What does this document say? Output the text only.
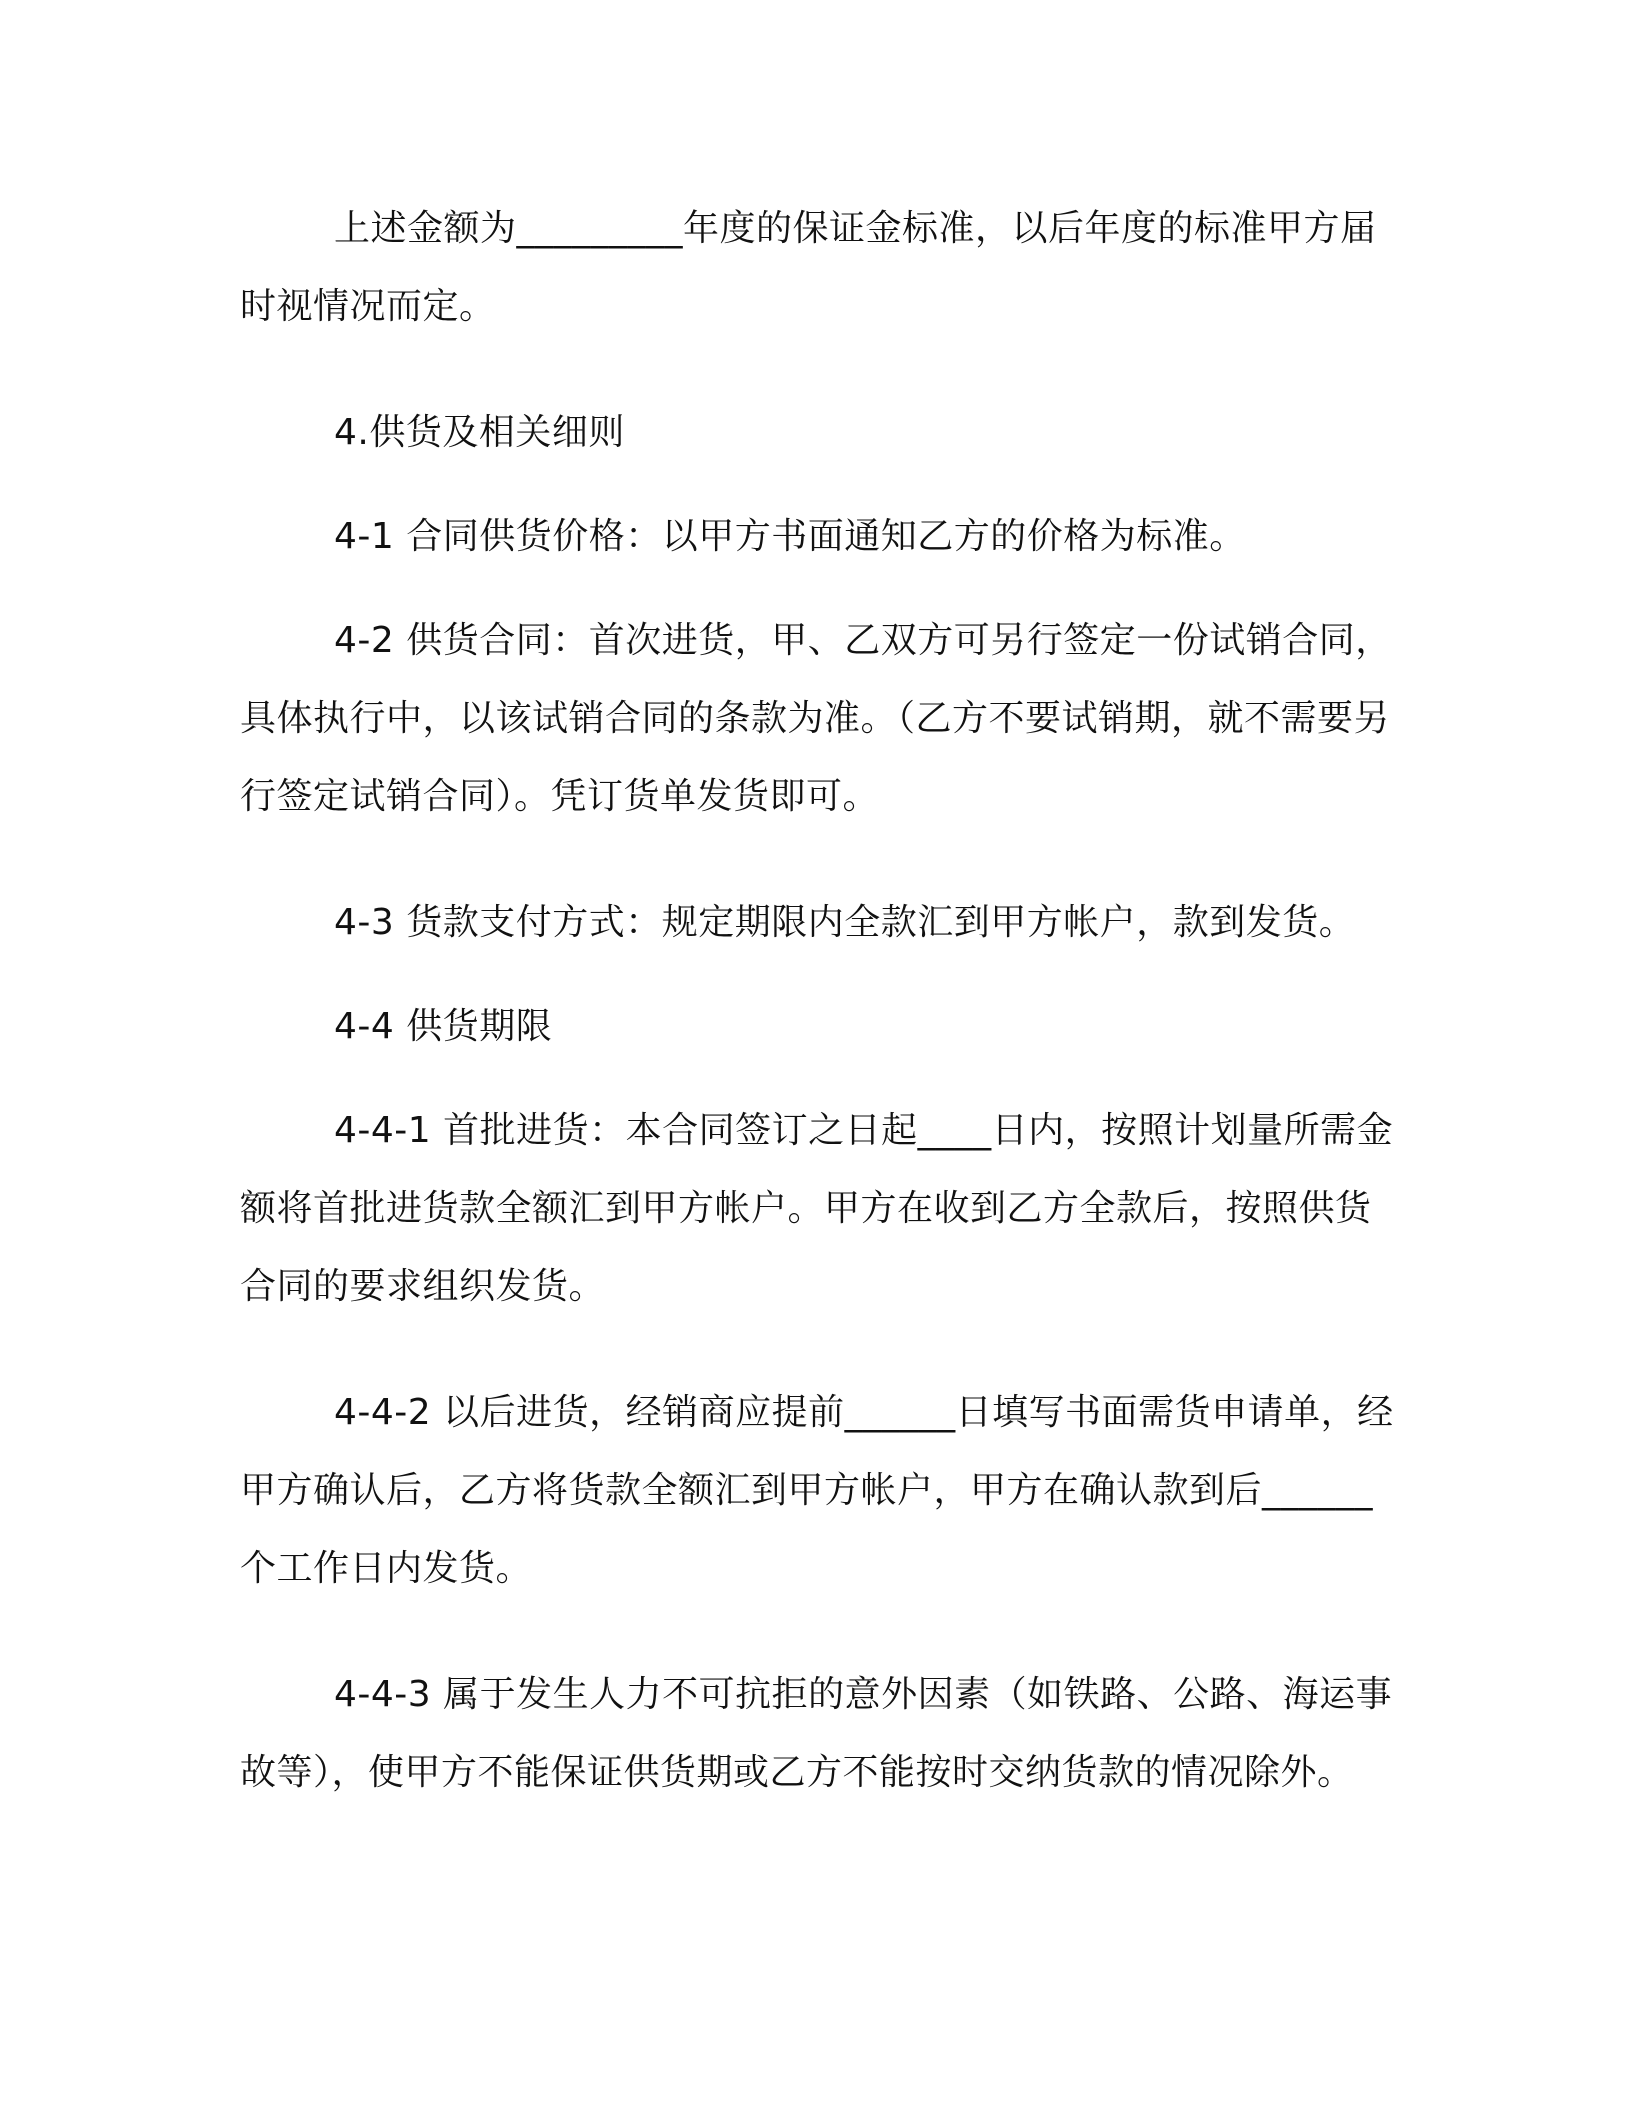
上述金额为_________年度的保证金标准，以后年度的标准甲方届时视情况而定。

4.供货及相关细则

4-1 合同供货价格：以甲方书面通知乙方的价格为标准。

4-2 供货合同：首次进货，甲、乙双方可另行签定一份试销合同，具体执行中，以该试销合同的条款为准。（乙方不要试销期，就不需要另行签定试销合同）。凭订货单发货即可。

4-3 货款支付方式：规定期限内全款汇到甲方帐户，款到发货。

4-4 供货期限

4-4-1 首批进货：本合同签订之日起____日内，按照计划量所需金额将首批进货款全额汇到甲方帐户。甲方在收到乙方全款后，按照供货合同的要求组织发货。

4-4-2 以后进货，经销商应提前______日填写书面需货申请单，经甲方确认后，乙方将货款全额汇到甲方帐户，甲方在确认款到后______个工作日内发货。

4-4-3 属于发生人力不可抗拒的意外因素（如铁路、公路、海运事故等），使甲方不能保证供货期或乙方不能按时交纳货款的情况除外。
